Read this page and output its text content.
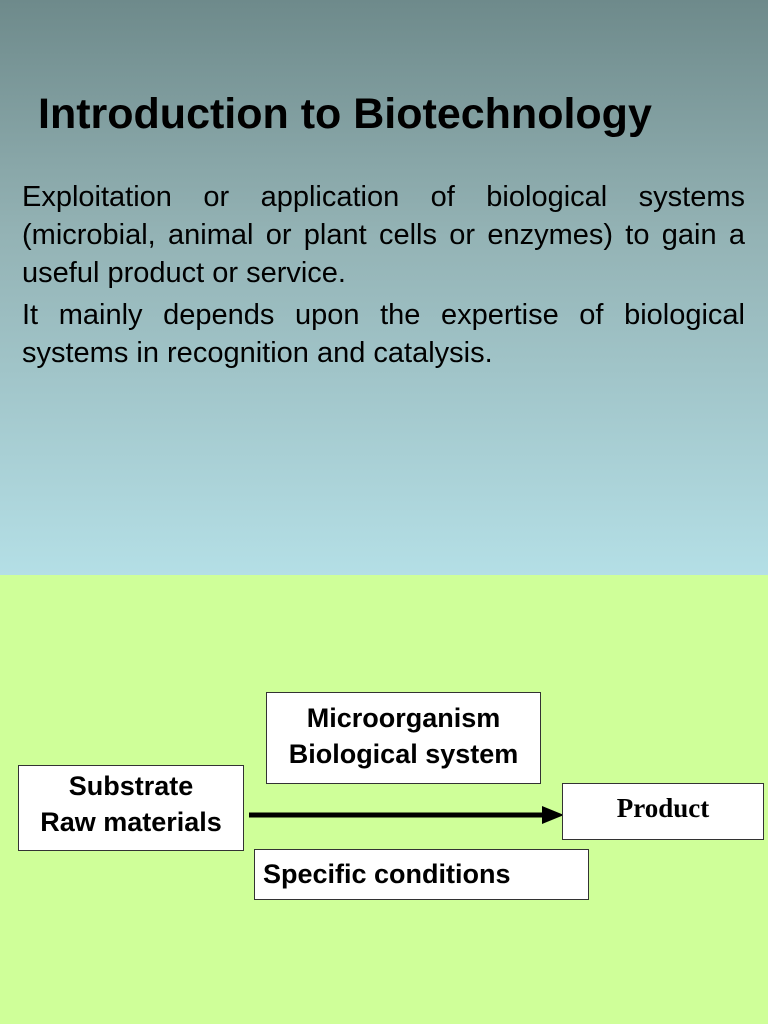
Introduction to Biotechnology
Exploitation or application of biological systems (microbial, animal or plant cells or enzymes) to gain a useful product or service.
It mainly depends upon the expertise of biological systems in recognition and catalysis.
Microorganism
Biological system
Substrate
Raw materials	Product
Specific conditions
